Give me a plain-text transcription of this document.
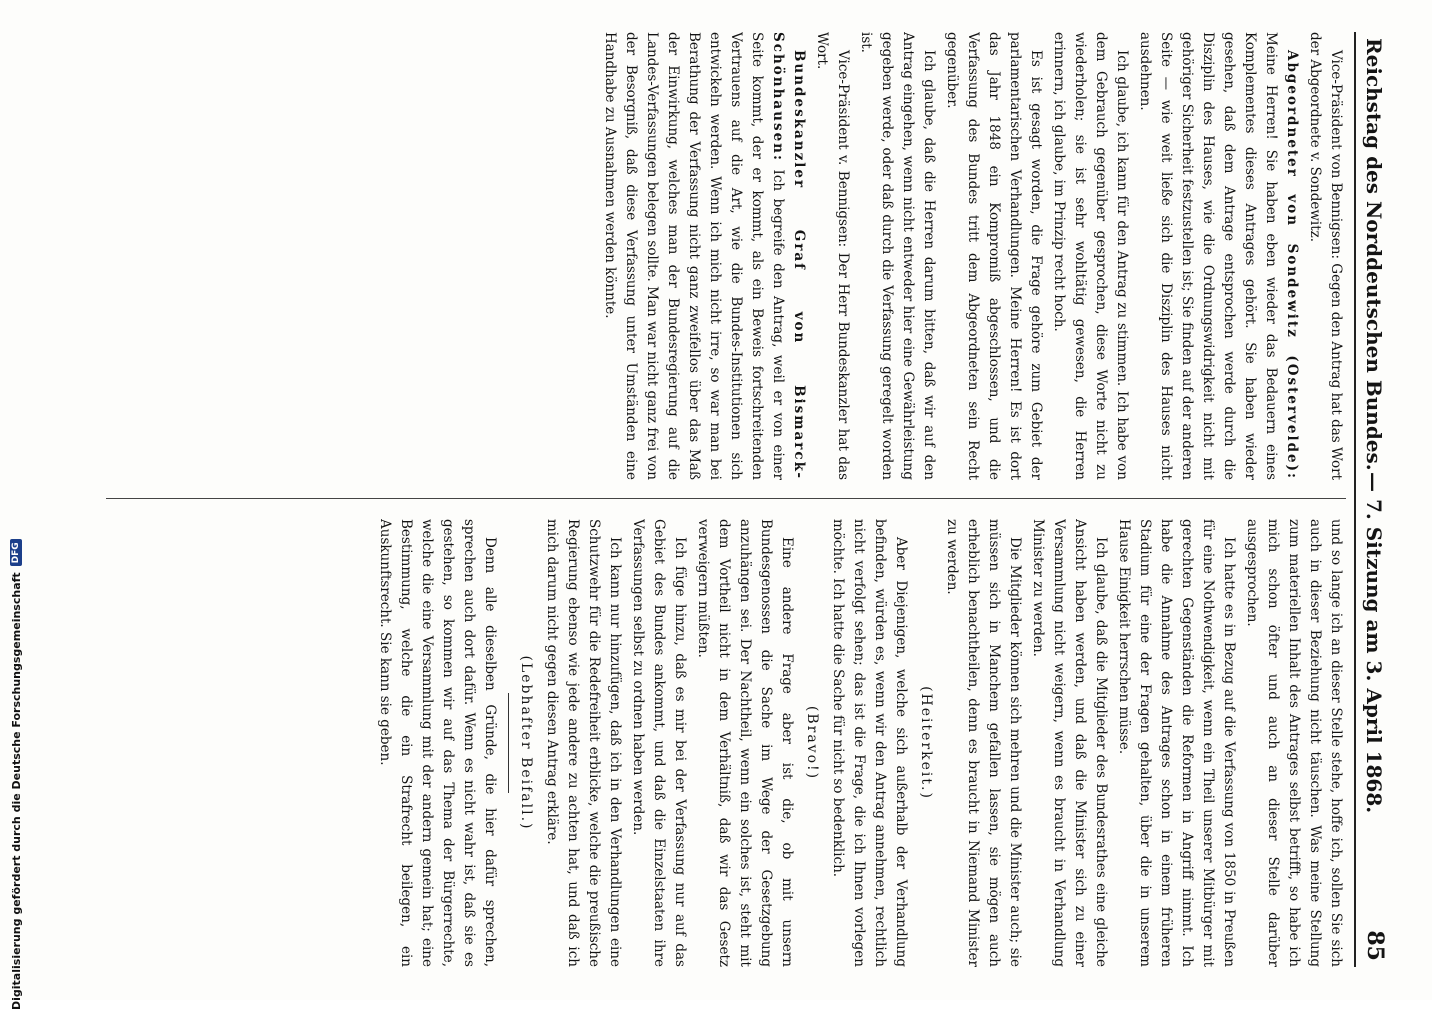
Digitalisierung gefördert durch die Deutsche Forschungsgemeinschaft
DFG
Reichstag des Norddeutschen Bundes.
— 7. Sitzung am 3. April 1868.
85

Vice-Präsident von Bennigsen: Gegen den Antrag hat das Wort der Abgeordnete v. Sondewitz.

Abgeordneter von Sondewitz (Ostervelde): Meine Herren! Sie haben eben wieder das Bedauern eines Komplementes dieses Antrages gehört. Sie haben wieder gesehen, daß dem Antrage entsprochen werde durch die Disziplin des Hauses, wie die Ordnungswidrigkeit nicht mit gehöriger Sicherheit festzustellen ist; Sie finden auf der anderen Seite — wie weit ließe sich die Disziplin des Hauses nicht ausdehnen.

Ich glaube, ich kann für den Antrag zu stimmen. Ich habe von dem Gebrauch gegenüber gesprochen, diese Worte nicht zu wiederholen; sie ist sehr wohltätig gewesen, die Herren erinnern, ich glaube, im Prinzip recht hoch.

Es ist gesagt worden, die Frage gehöre zum Gebiet der parlamentarischen Verhandlungen. Meine Herren! Es ist dort das Jahr 1848 ein Kompromiß abgeschlossen, und die Verfassung des Bundes tritt dem Abgeordneten sein Recht gegenüber.

Ich glaube, daß die Herren darum bitten, daß wir auf den Antrag eingehen, wenn nicht entweder hier eine Gewährleistung gegeben werde, oder daß durch die Verfassung geregelt worden ist.

Vice-Präsident v. Bennigsen: Der Herr Bundeskanzler hat das Wort.

Bundeskanzler Graf von Bismarck-Schönhausen: Ich begreife den Antrag, weil er von einer Seite kommt, der er kommt, als ein Beweis fortschreitenden Vertrauens auf die Art, wie die Bundes-Institutionen sich entwickeln werden. Wenn ich mich nicht irre, so war man bei Berathung der Verfassung nicht ganz zweifellos über das Maß der Einwirkung, welches man der Bundesregierung auf die Landes-Verfassungen belegen sollte. Man war nicht ganz frei von der Besorgniß, daß diese Verfassung unter Umständen eine Handhabe zu Ausnahmen werden könnte.

und so lange ich an dieser Stelle stehe, hoffe ich, sollen Sie sich auch in dieser Beziehung nicht täuschen. Was meine Stellung zum materiellen Inhalt des Antrages selbst betrifft, so habe ich mich schon öfter und auch an dieser Stelle darüber ausgesprochen.

Ich hatte es in Bezug auf die Verfassung von 1850 in Preußen für eine Nothwendigkeit, wenn ein Theil unserer Mitbürger mit gerechten Gegenständen die Reformen in Angriff nimmt. Ich habe die Annahme des Antrages schon in einem früheren Stadium für eine der Fragen gehalten, über die in unserem Hause Einigkeit herrschen müsse.

Ich glaube, daß die Mitglieder des Bundesrathes eine gleiche Ansicht haben werden, und daß die Minister sich zu einer Versammlung nicht weigern, wenn es braucht in Verhandlung Minister zu werden.

Die Mitglieder können sich mehren und die Minister auch; sie müssen sich in Manchem gefallen lassen, sie mögen auch erheblich benachtheilen, denn es braucht in Niemand Minister zu werden.

(Heiterkeit.)

Aber Diejenigen, welche sich außerhalb der Verhandlung befinden, würden es, wenn wir den Antrag annehmen, rechtlich nicht verfolgt sehen; das ist die Frage, die ich Ihnen vorlegen möchte. Ich hatte die Sache für nicht so bedenklich.

(Bravo!)

Eine andere Frage aber ist die, ob mit unsern Bundesgenossen die Sache im Wege der Gesetzgebung anzuhängen sei. Der Nachtheil, wenn ein solches ist, steht mit dem Vortheil nicht in dem Verhältniß, daß wir das Gesetz verweigern müßten.

Ich füge hinzu, daß es mir bei der Verfassung nur auf das Gebiet des Bundes ankommt, und daß die Einzelstaaten ihre Verfassungen selbst zu ordnen haben werden.

Ich kann nur hinzufügen, daß ich in den Verhandlungen eine Schutzwehr für die Redefreiheit erblicke, welche die preußische Regierung ebenso wie jede andere zu achten hat, und daß ich mich darum nicht gegen diesen Antrag erkläre.

(Lebhafter Beifall.)

Denn alle dieselben Gründe, die hier dafür sprechen, sprechen auch dort dafür. Wenn es nicht wahr ist, daß sie es gestehen, so kommen wir auf das Thema der Bürgerrechte, welche die eine Versammlung mit der andern gemein hat; eine Bestimmung, welche die ein Strafrecht beilegen, ein Auskunftsrecht. Sie kann sie geben.
